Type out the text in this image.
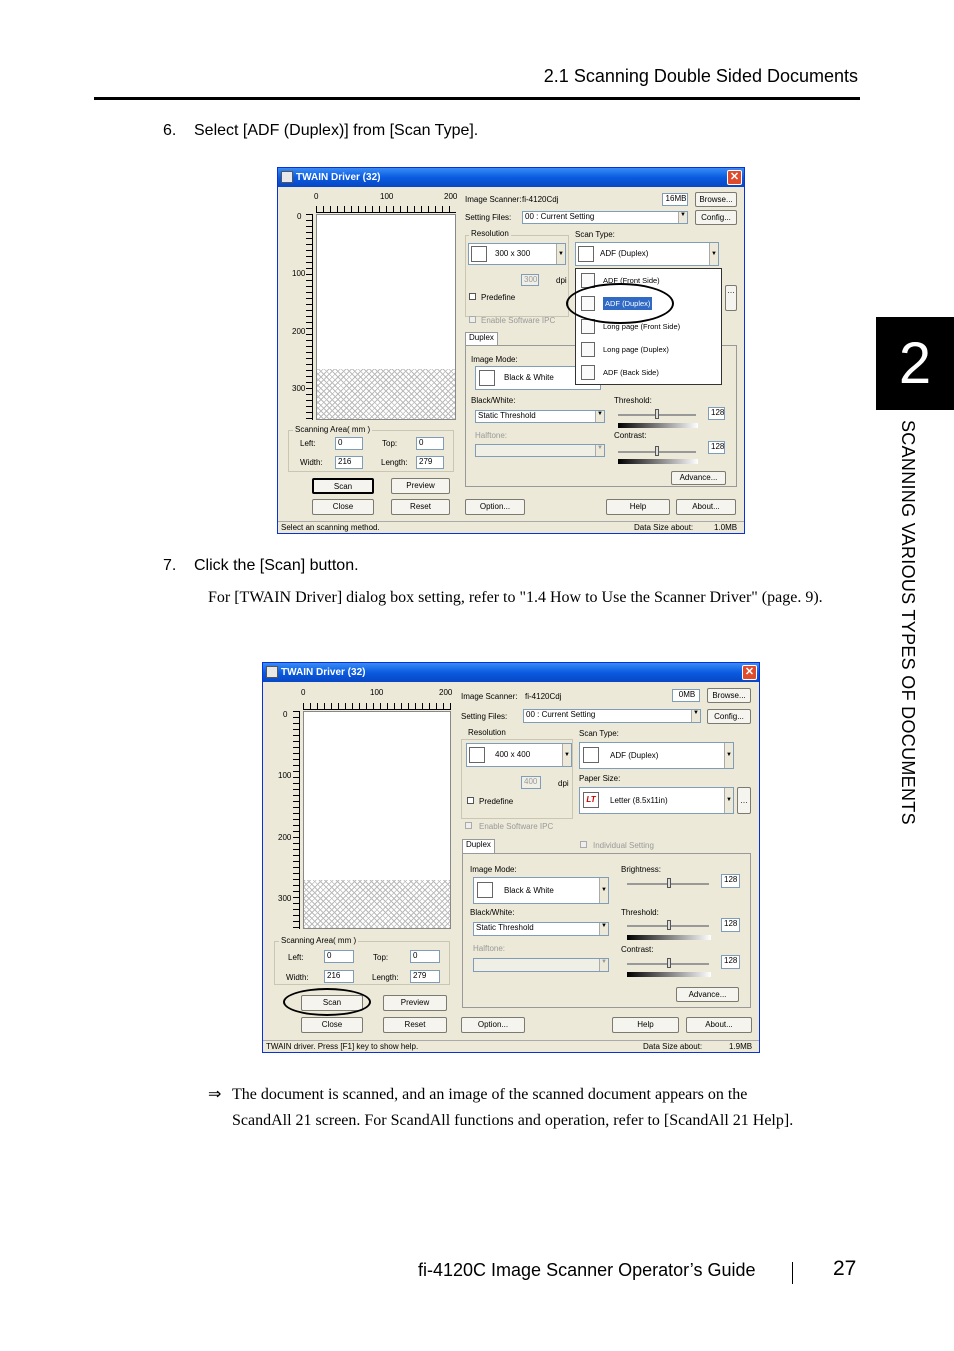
2.1 Scanning Double Sided Documents
6. Select [ADF (Duplex)] from [Scan Type].
TWAIN Driver (32)	✕
0	100	200
0
100
200
300
Scanning Area( mm )
Left:	0	Top:	0
Width:	216	Length:	279
Scan	Preview
Close	Reset	Option...	Help	About...
Image Scanner: fi-4120Cdj	16MB	Browse...
Setting Files:	00 : Current Setting	▼	Config...
Resolution
300 x 300	▼
300 dpi
Predefine
Enable Software IPC
Scan Type:
ADF (Duplex)	▼
Duplex
Image Mode:
Black & White
Black/White:
Static Threshold	▼
Halftone:
▼
Threshold:
128
Contrast:
128
Advance...
…
ADF (Front Side)
ADF (Duplex)
Long page (Front Side)
Long page (Duplex)
ADF (Back Side)
Select an scanning method.	Data Size about:	1.0MB
7. Click the [Scan] button.
For [TWAIN Driver] dialog box setting, refer to "1.4 How to Use the Scanner Driver" (page. 9).
TWAIN Driver (32)	✕
0	100	200
0
100
200
300
Scanning Area( mm )
Left:	0	Top:	0
Width:	216	Length:	279
Scan	Preview
Close	Reset	Option...	Help	About...
Image Scanner: fi-4120Cdj	0MB	Browse...
Setting Files:	00 : Current Setting	▼	Config...
Resolution
400 x 400	▼
400	dpi
Predefine
Enable Software IPC
Individual Setting
Scan Type:
ADF (Duplex)	▼
Paper Size:
LT	Letter (8.5x11in)	▼	…
Duplex
Image Mode:
Black & White	▼
Black/White:
Static Threshold	▼
Halftone:
▼
Brightness:
128
Threshold:
128
Contrast:
128
Advance...
TWAIN driver. Press [F1] key to show help.	Data Size about:	1.9MB
⇒ The document is scanned, and an image of the scanned document appears on the
ScandAll 21 screen. For ScandAll functions and operation, refer to [ScandAll 21 Help].
2
SCANNING VARIOUS TYPES OF DOCUMENTS
fi-4120C Image Scanner Operator’s Guide	27
